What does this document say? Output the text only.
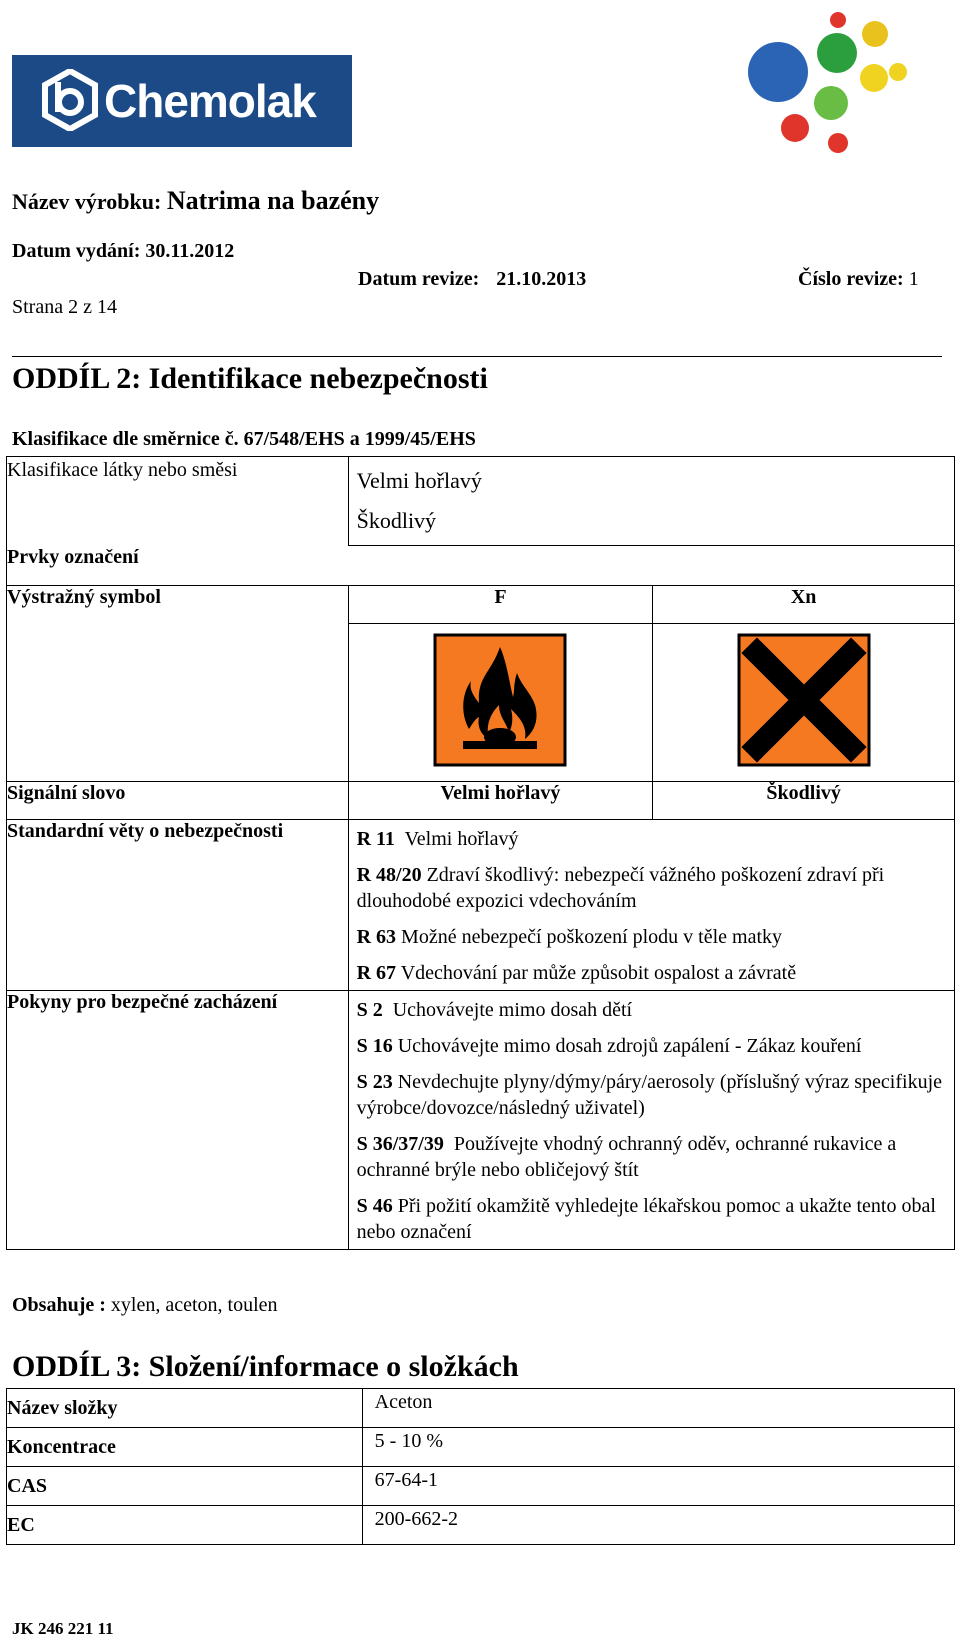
Chemolak
Název výrobku: Natrima na bazény
Datum vydání: 30.11.2012
Datum revize: 21.10.2013	Číslo revize: 1
Strana 2 z 14
ODDÍL 2: Identifikace nebezpečnosti
Klasifikace dle směrnice č. 67/548/EHS a 1999/45/EHS
Klasifikace látky nebo směsi	Velmi hořlavý
Škodlivý	

Prvky označení		
Výstražný symbol	F	Xn

Signální slovo	Velmi hořlavý	Škodlivý
Standardní věty o nebezpečnosti	R 11 Velmi hořlavý
R 48/20 Zdraví škodlivý: nebezpečí vážného poškození zdraví při dlouhodobé expozici vdechováním
R 63 Možné nebezpečí poškození plodu v těle matky
R 67 Vdechování par může způsobit ospalost a závratě	

Pokyny pro bezpečné zacházení	S 2 Uchovávejte mimo dosah dětí
S 16 Uchovávejte mimo dosah zdrojů zapálení - Zákaz kouření
S 23 Nevdechujte plyny/dýmy/páry/aerosoly (příslušný výraz specifikuje výrobce/dovozce/následný uživatel)
S 36/37/39 Používejte vhodný ochranný oděv, ochranné rukavice a ochranné brýle nebo obličejový štít
S 46 Při požití okamžitě vyhledejte lékařskou pomoc a ukažte tento obal nebo označení	
Obsahuje : xylen, aceton, toulen
ODDÍL 3: Složení/informace o složkách
Název složky	Aceton
Koncentrace	5 - 10 %
CAS	67-64-1
EC	200-662-2
JK 246 221 11
